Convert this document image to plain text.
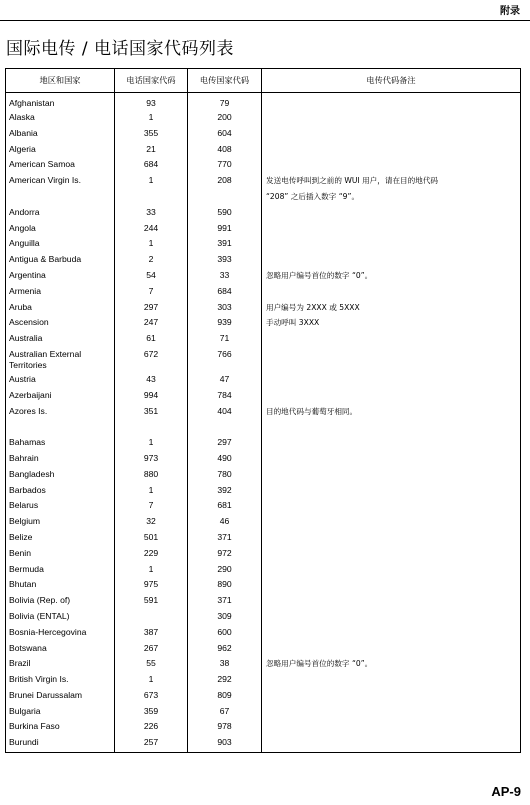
附录
国际电传 / 电话国家代码列表
地区和国家	电话国家代码	电传国家代码	电传代码备注
Afghanistan	93	79	
Alaska	1	200	
Albania	355	604	
Algeria	21	408	
American Samoa	684	770	
American Virgin Is.	1	208	发送电传呼叫到之前的 WUI 用户，请在目的地代码
			“208” 之后插入数字 “9”。
Andorra	33	590	
Angola	244	991	
Anguilla	1	391	
Antigua & Barbuda	2	393	
Argentina	54	33	忽略用户编号首位的数字 “0”。
Armenia	7	684	
Aruba	297	303	用户编号为 2XXX 或 5XXX
Ascension	247	939	手动呼叫 3XXX
Australia	61	71	
Australian External Territories	672	766	
Austria	43	47	
Azerbaijani	994	784	
Azores Is.	351	404	目的地代码与葡萄牙相同。

Bahamas	1	297	
Bahrain	973	490	
Bangladesh	880	780	
Barbados	1	392	
Belarus	7	681	
Belgium	32	46	
Belize	501	371	
Benin	229	972	
Bermuda	1	290	
Bhutan	975	890	
Bolivia (Rep. of)	591	371	
Bolivia (ENTAL)		309	
Bosnia-Hercegovina	387	600	
Botswana	267	962	
Brazil	55	38	忽略用户编号首位的数字 “0”。
British Virgin Is.	1	292	
Brunei Darussalam	673	809	
Bulgaria	359	67	
Burkina Faso	226	978	
Burundi	257	903	
AP-9
